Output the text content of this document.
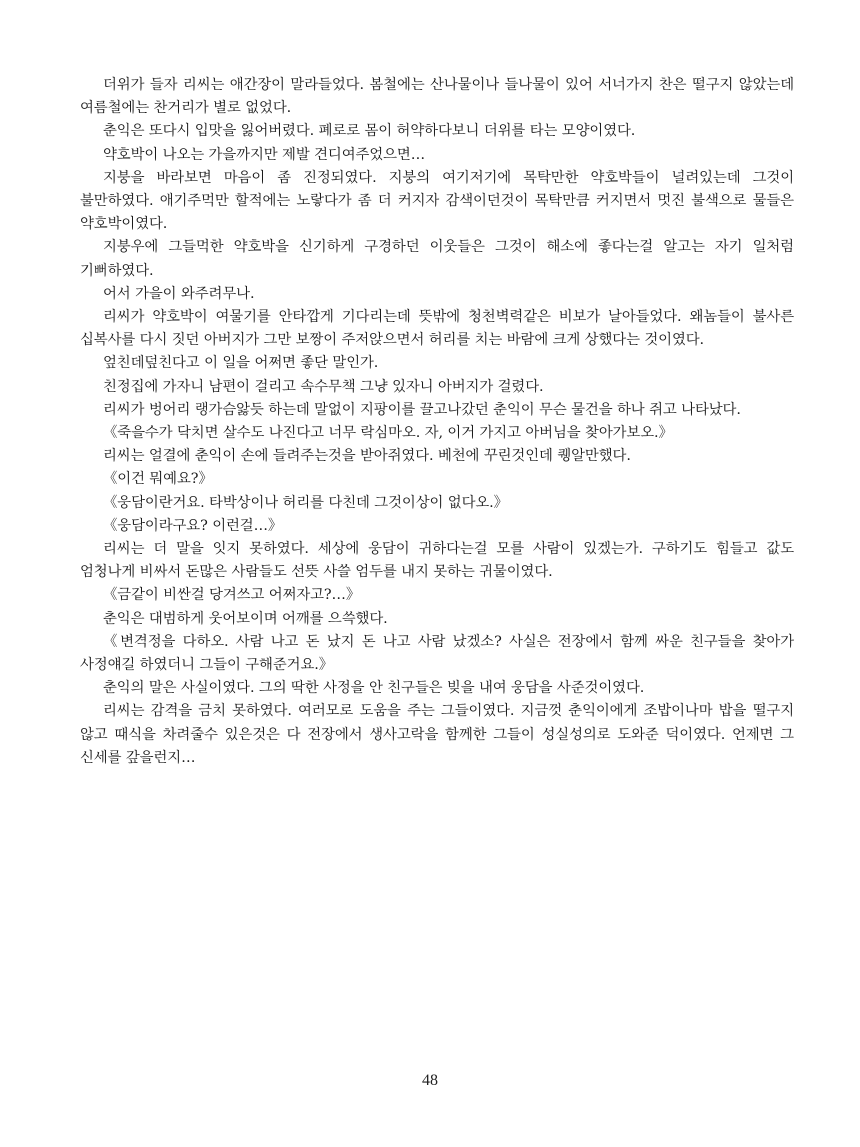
더위가 들자 리씨는 애간장이 말라들었다. 봄철에는 산나물이나 들나물이 있어 서너가지 찬은 떨구지 않았는데 여름철에는 찬거리가 별로 없었다.

춘익은 또다시 입맛을 잃어버렸다. 폐로로 몸이 허약하다보니 더위를 타는 모양이였다.

약호박이 나오는 가을까지만 제발 견디여주었으면…

지붕을 바라보면 마음이 좀 진정되였다. 지붕의 여기저기에 목탁만한 약호박들이 널려있는데 그것이 불만하였다. 애기주먹만 할적에는 노랗다가 좀 더 커지자 감색이던것이 목탁만큼 커지면서 멋진 불색으로 물들은 약호박이였다.

지붕우에 그들먹한 약호박을 신기하게 구경하던 이웃들은 그것이 해소에 좋다는걸 알고는 자기 일처럼 기뻐하였다.

어서 가을이 와주려무나.

리씨가 약호박이 여물기를 안타깝게 기다리는데 뜻밖에 청천벽력같은 비보가 날아들었다. 왜놈들이 불사른 십복사를 다시 짓던 아버지가 그만 보짱이 주저앉으면서 허리를 치는 바람에 크게 상했다는 것이였다.

엎친데덮친다고 이 일을 어쩌면 좋단 말인가.

친정집에 가자니 남편이 걸리고 속수무책 그냥 있자니 아버지가 걸렸다.

리씨가 벙어리 랭가슴앓듯 하는데 말없이 지팡이를 끌고나갔던 춘익이 무슨 물건을 하나 쥐고 나타났다.

《죽을수가 닥치면 살수도 나진다고 너무 락심마오. 자, 이거 가지고 아버님을 찾아가보오.》

리씨는 얼결에 춘익이 손에 들려주는것을 받아쥐였다. 베천에 꾸린것인데 퀭알만했다.

《이건 뭐예요?》

《웅담이란거요. 타박상이나 허리를 다친데 그것이상이 없다오.》

《웅담이라구요? 이런걸…》

리씨는 더 말을 잇지 못하였다. 세상에 웅담이 귀하다는걸 모를 사람이 있겠는가. 구하기도 힘들고 값도 엄청나게 비싸서 돈많은 사람들도 선뜻 사쓸 엄두를 내지 못하는 귀물이였다.

《금같이 비싼걸 당겨쓰고 어쩌자고?…》

춘익은 대범하게 웃어보이며 어깨를 으쓱했다.

《변격정을 다하오. 사람 나고 돈 났지 돈 나고 사람 났겠소? 사실은 전장에서 함께 싸운 친구들을 찾아가 사정얘길 하였더니 그들이 구해준거요.》

춘익의 말은 사실이였다. 그의 딱한 사정을 안 친구들은 빚을 내여 웅담을 사준것이였다.

리씨는 감격을 금치 못하였다. 여러모로 도움을 주는 그들이였다. 지금껏 춘익이에게 조밥이나마 밥을 떨구지 않고 때식을 차려줄수 있은것은 다 전장에서 생사고락을 함께한 그들이 성실성의로 도와준 덕이였다. 언제면 그 신세를 갚을런지…

48
